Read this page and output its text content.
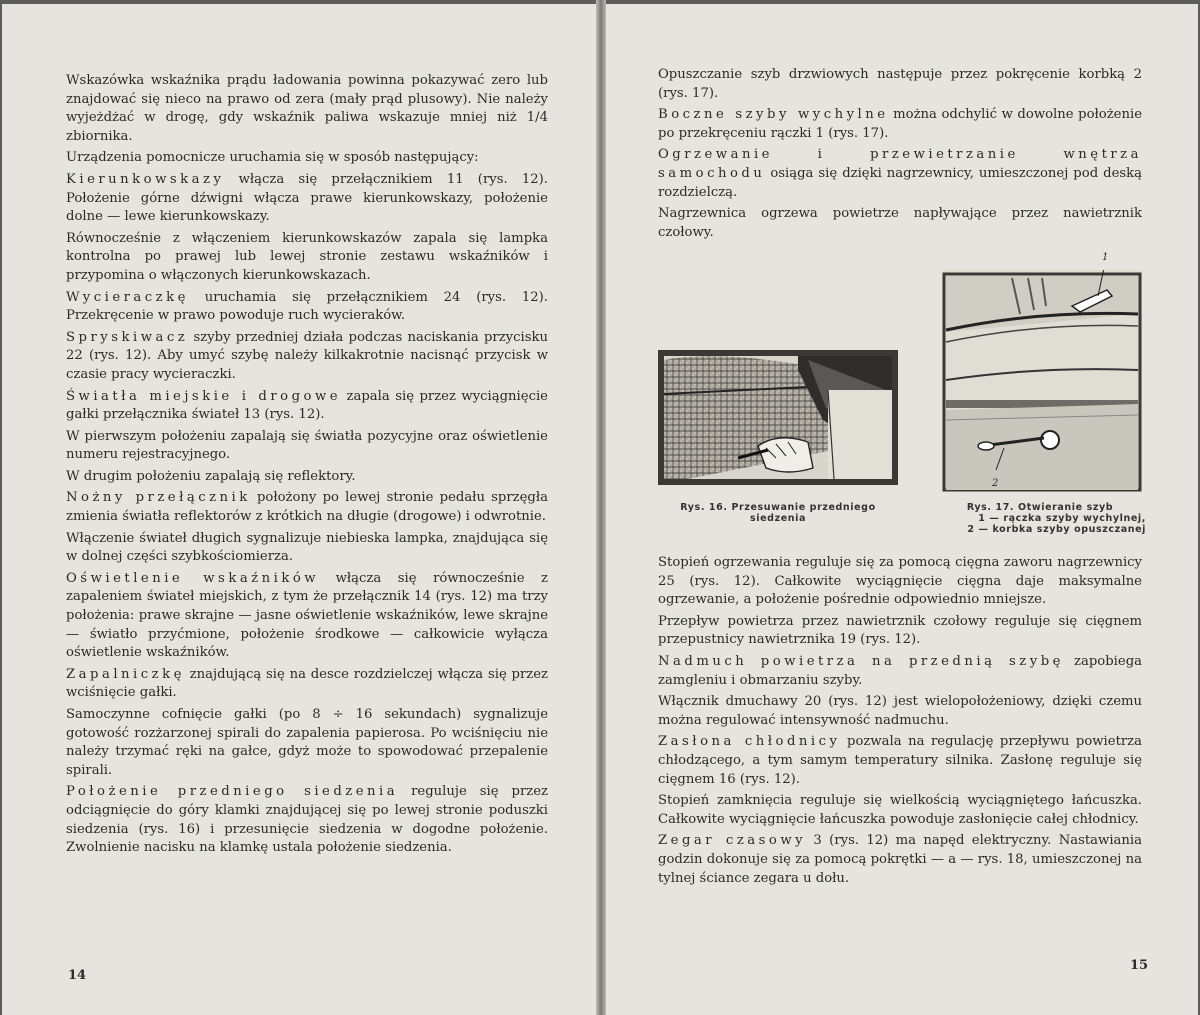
Wskazówka wskaźnika prądu ładowania powinna pokazywać zero lub znajdować się nieco na prawo od zera (mały prąd plusowy). Nie należy wyjeżdżać w drogę, gdy wskaźnik paliwa wskazuje mniej niż 1/4 zbiornika.

Urządzenia pomocnicze uruchamia się w sposób następujący:

Kierunkowskazy włącza się przełącznikiem 11 (rys. 12). Położenie górne dźwigni włącza prawe kierunkowskazy, położenie dolne — lewe kierunkowskazy.

Równocześnie z włączeniem kierunkowskazów zapala się lampka kontrolna po prawej lub lewej stronie zestawu wskaźników i przypomina o włączonych kierunkowskazach.

Wycieraczkę uruchamia się przełącznikiem 24 (rys. 12). Przekręcenie w prawo powoduje ruch wycieraków.

Spryskiwacz szyby przedniej działa podczas naciskania przycisku 22 (rys. 12). Aby umyć szybę należy kilkakrotnie nacisnąć przycisk w czasie pracy wycieraczki.

Światła miejskie i drogowe zapala się przez wyciągnięcie gałki przełącznika świateł 13 (rys. 12).

W pierwszym położeniu zapalają się światła pozycyjne oraz oświetlenie numeru rejestracyjnego.

W drugim położeniu zapalają się reflektory.

Nożny przełącznik położony po lewej stronie pedału sprzęgła zmienia światła reflektorów z krótkich na długie (drogowe) i odwrotnie.

Włączenie świateł długich sygnalizuje niebieska lampka, znajdująca się w dolnej części szybkościomierza.

Oświetlenie wskaźników włącza się równocześnie z zapaleniem świateł miejskich, z tym że przełącznik 14 (rys. 12) ma trzy położenia: prawe skrajne — jasne oświetlenie wskaźników, lewe skrajne — światło przyćmione, położenie środkowe — całkowicie wyłącza oświetlenie wskaźników.

Zapalniczkę znajdującą się na desce rozdzielczej włącza się przez wciśnięcie gałki.

Samoczynne cofnięcie gałki (po 8 ÷ 16 sekundach) sygnalizuje gotowość rozżarzonej spirali do zapalenia papierosa. Po wciśnięciu nie należy trzymać ręki na gałce, gdyż może to spowodować przepalenie spirali.

Położenie przedniego siedzenia reguluje się przez odciągnięcie do góry klamki znajdującej się po lewej stronie poduszki siedzenia (rys. 16) i przesunięcie siedzenia w dogodne położenie. Zwolnienie nacisku na klamkę ustala położenie siedzenia.

14

Opuszczanie szyb drzwiowych następuje przez pokręcenie korbką 2 (rys. 17).

Boczne szyby wychylne można odchylić w dowolne położenie po przekręceniu rączki 1 (rys. 17).

Ogrzewanie i przewietrzanie wnętrza samochodu osiąga się dzięki nagrzewnicy, umieszczonej pod deską rozdzielczą.

Nagrzewnica ogrzewa powietrze napływające przez nawietrznik czołowy.

Rys. 16. Przesuwanie przedniego
siedzenia
1
2
Rys. 17. Otwieranie szyb
1 — rączka szyby wychylnej,
2 — korbka szyby opuszczanej

Stopień ogrzewania reguluje się za pomocą cięgna zaworu nagrzewnicy 25 (rys. 12). Całkowite wyciągnięcie cięgna daje maksymalne ogrzewanie, a położenie pośrednie odpowiednio mniejsze.

Przepływ powietrza przez nawietrznik czołowy reguluje się cięgnem przepustnicy nawietrznika 19 (rys. 12).

Nadmuch powietrza na przednią szybę zapobiega zamgleniu i obmarzaniu szyby.

Włącznik dmuchawy 20 (rys. 12) jest wielopołożeniowy, dzięki czemu można regulować intensywność nadmuchu.

Zasłona chłodnicy pozwala na regulację przepływu powietrza chłodzącego, a tym samym temperatury silnika. Zasłonę reguluje się cięgnem 16 (rys. 12).

Stopień zamknięcia reguluje się wielkością wyciągniętego łańcuszka. Całkowite wyciągnięcie łańcuszka powoduje zasłonięcie całej chłodnicy.

Zegar czasowy 3 (rys. 12) ma napęd elektryczny. Nastawiania godzin dokonuje się za pomocą pokrętki — a — rys. 18, umieszczonej na tylnej ściance zegara u dołu.

15
